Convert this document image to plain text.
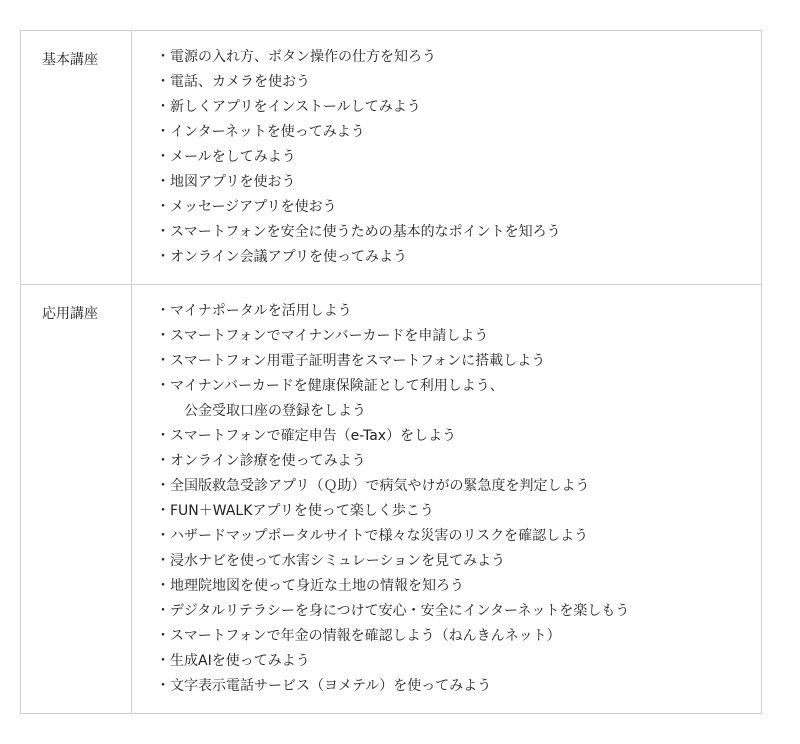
基本講座	・ 電源の入れ方、ボタン操作の仕方を知ろう
・ 電話、カメラを使おう
・ 新しくアプリをインストールしてみよう
・ インターネットを使ってみよう
・ メールをしてみよう
・ 地図アプリを使おう
・ メッセージアプリを使おう
・ スマートフォンを安全に使うための基本的なポイントを知ろう
・ オンライン会議アプリを使ってみよう
応用講座	・ マイナポータルを活用しよう
・ スマートフォンでマイナンバーカードを申請しよう
・ スマートフォン用電子証明書をスマートフォンに搭載しよう
・ マイナンバーカードを健康保険証として利用しよう、
公金受取口座の登録をしよう
・ スマートフォンで確定申告（e-Tax）をしよう
・ オンライン診療を使ってみよう
・ 全国版救急受診アプリ（Ｑ助）で病気やけがの緊急度を判定しよう
・ FUN＋WALKアプリを使って楽しく歩こう
・ ハザードマップポータルサイトで様々な災害のリスクを確認しよう
・ 浸水ナビを使って水害シミュレーションを見てみよう
・ 地理院地図を使って身近な土地の情報を知ろう
・ デジタルリテラシーを身につけて安心・安全にインターネットを楽しもう
・ スマートフォンで年金の情報を確認しよう（ねんきんネット）
・ 生成AIを使ってみよう
・ 文字表示電話サービス（ヨメテル）を使ってみよう
